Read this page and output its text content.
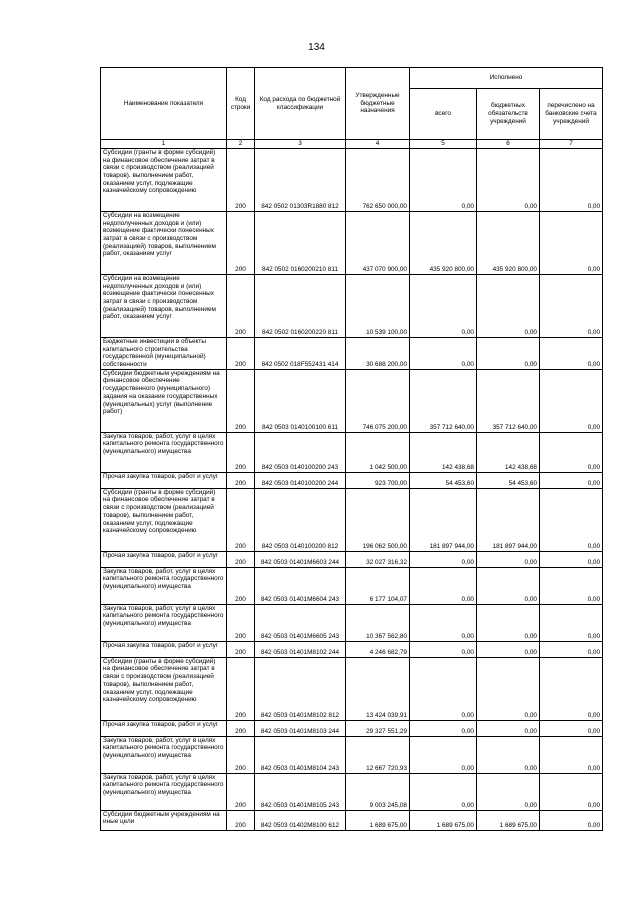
134
Наименование показателя	Код строки	Код расхода по бюджетной классификации	Утвержденные бюджетные назначения	Исполнено		
				всего	бюджетных обязательств учреждений	перечислено на банковские счета учреждений
1	2	3	4	5	6	7
Субсидии (гранты в форме субсидий) на финансовое обеспечение затрат в связи с производством (реализацией товаров), выполнением работ, оказанием услуг, подлежащие казначейскому сопровождению	200	842 0502 01303R1880 812	762 650 000,00	0,00	0,00	0,00
Субсидии на возмещение недополученных доходов и (или) возмещение фактически понесенных затрат в связи с производством (реализацией) товаров, выполнением работ, оказанием услуг	200	842 0502 0160200210 811	437 070 900,00	435 920 800,00	435 920 800,00	0,00
Субсидии на возмещение недополученных доходов и (или) возмещение фактически понесенных затрат в связи с производством (реализацией) товаров, выполнением работ, оказанием услуг	200	842 0502 0160200220 811	10 539 100,00	0,00	0,00	0,00
Бюджетные инвестиции в объекты капитального строительства государственной (муниципальной) собственности	200	842 0502 018F552431 414	30 688 200,00	0,00	0,00	0,00
Субсидии бюджетным учреждениям на финансовое обеспечение государственного (муниципального) задания на оказание государственных (муниципальных) услуг (выполнение работ)	200	842 0503 0140100100 611	746 075 200,00	357 712 640,00	357 712 640,00	0,00
Закупка товаров, работ, услуг в целях капитального ремонта государственного (муниципального) имущества	200	842 0503 0140100200 243	1 042 500,00	142 438,68	142 438,68	0,00
Прочая закупка товаров, работ и услуг	200	842 0503 0140100200 244	923 700,00	54 453,60	54 453,60	0,00
Субсидии (гранты в форме субсидий) на финансовое обеспечение затрат в связи с производством (реализацией товаров), выполнением работ, оказанием услуг, подлежащие казначейскому сопровождению	200	842 0503 0140100200 812	196 062 500,00	181 897 944,00	181 897 944,00	0,00
Прочая закупка товаров, работ и услуг	200	842 0503 01401M6603 244	32 027 316,32	0,00	0,00	0,00
Закупка товаров, работ, услуг в целях капитального ремонта государственного (муниципального) имущества	200	842 0503 01401M6604 243	6 177 104,07	0,00	0,00	0,00
Закупка товаров, работ, услуг в целях капитального ремонта государственного (муниципального) имущества	200	842 0503 01401M6605 243	10 367 562,80	0,00	0,00	0,00
Прочая закупка товаров, работ и услуг	200	842 0503 01401M8102 244	4 246 682,79	0,00	0,00	0,00
Субсидии (гранты в форме субсидий) на финансовое обеспечение затрат в связи с производством (реализацией товаров), выполнением работ, оказанием услуг, подлежащие казначейскому сопровождению	200	842 0503 01401M8102 812	13 424 039,91	0,00	0,00	0,00
Прочая закупка товаров, работ и услуг	200	842 0503 01401M8103 244	29 327 551,29	0,00	0,00	0,00
Закупка товаров, работ, услуг в целях капитального ремонта государственного (муниципального) имущества	200	842 0503 01401M8104 243	12 667 720,93	0,00	0,00	0,00
Закупка товаров, работ, услуг в целях капитального ремонта государственного (муниципального) имущества	200	842 0503 01401M8105 243	9 003 245,08	0,00	0,00	0,00
Субсидии бюджетным учреждениям на иные цели	200	842 0503 01402M8100 612	1 689 675,00	1 689 675,00	1 689 675,00	0,00
